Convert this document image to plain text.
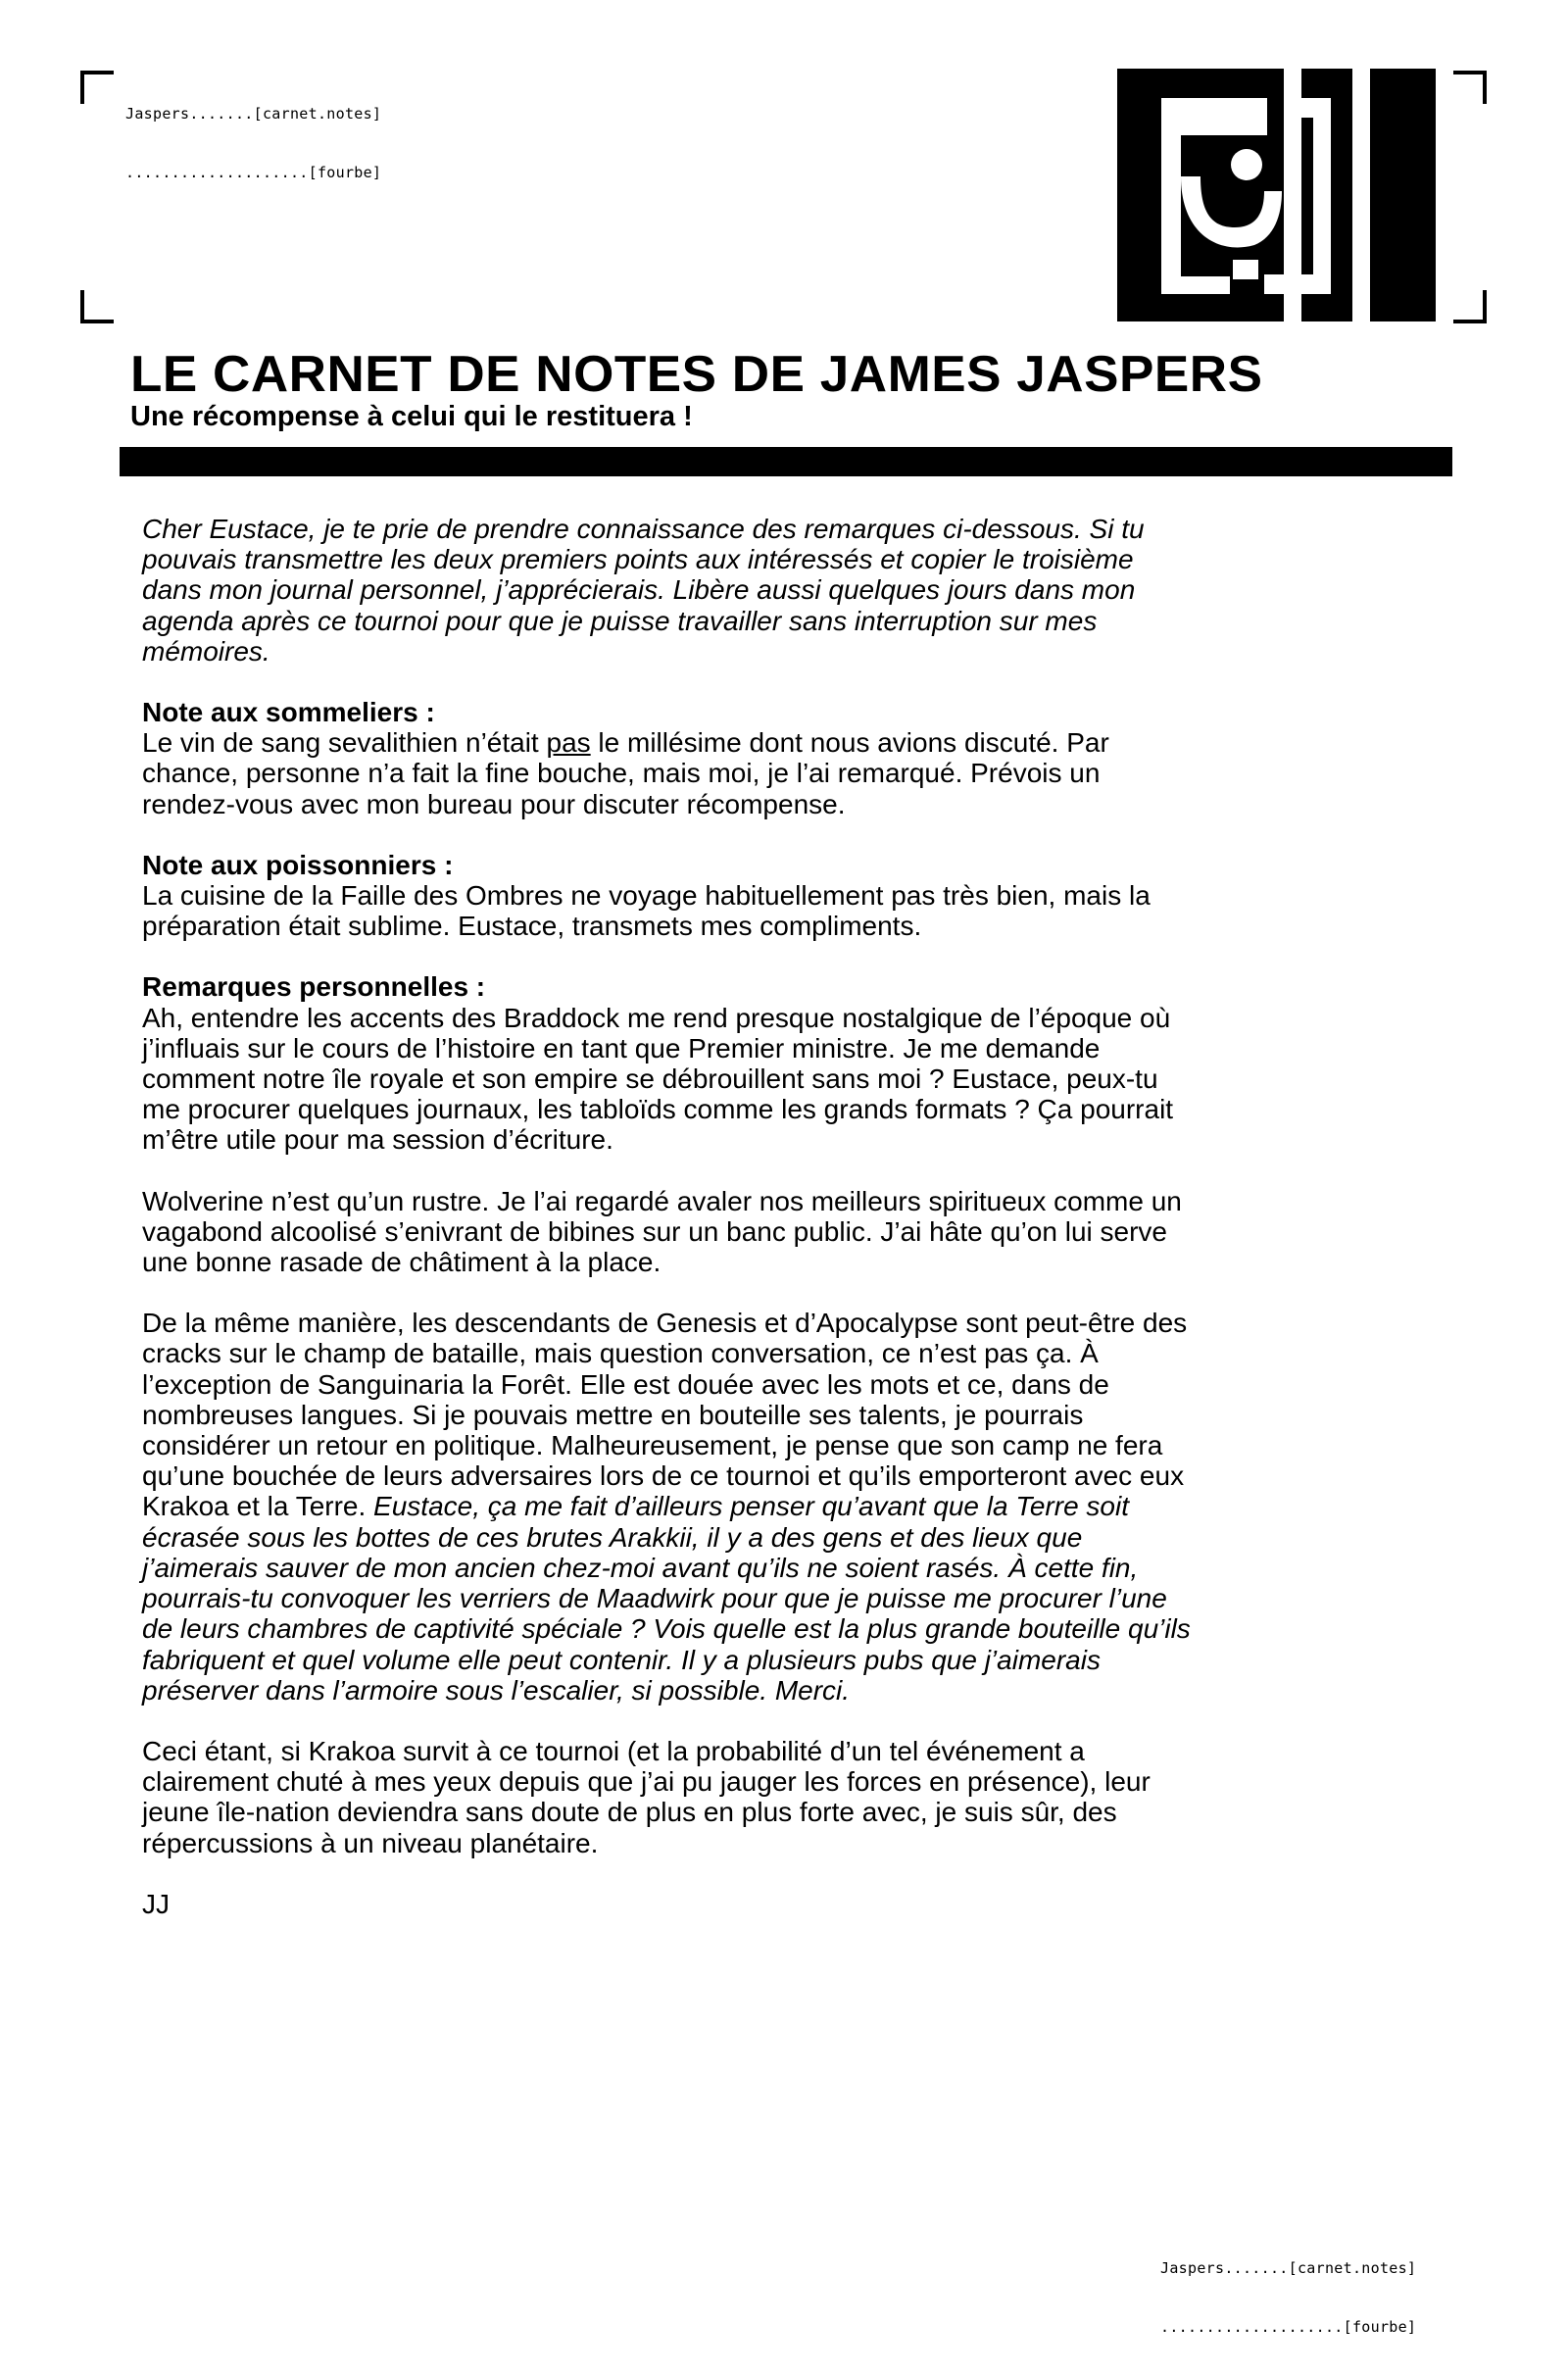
Jaspers.......[carnet.notes]

....................[fourbe]

LE CARNET DE NOTES DE JAMES JASPERS
Une récompense à celui qui le restituera !

Cher Eustace, je te prie de prendre connaissance des remarques ci-dessous. Si tu pouvais transmettre les deux premiers points aux intéressés et copier le troisième dans mon journal personnel, j’apprécierais. Libère aussi quelques jours dans mon agenda après ce tournoi pour que je puisse travailler sans interruption sur mes mémoires.

Note aux sommeliers :
Le vin de sang sevalithien n’était pas le millésime dont nous avions discuté. Par chance, personne n’a fait la fine bouche, mais moi, je l’ai remarqué. Prévois un rendez-vous avec mon bureau pour discuter récompense.

Note aux poissonniers :
La cuisine de la Faille des Ombres ne voyage habituellement pas très bien, mais la préparation était sublime. Eustace, transmets mes compliments.

Remarques personnelles :
Ah, entendre les accents des Braddock me rend presque nostalgique de l’époque où j’influais sur le cours de l’histoire en tant que Premier ministre. Je me demande comment notre île royale et son empire se débrouillent sans moi ? Eustace, peux-tu me procurer quelques journaux, les tabloïds comme les grands formats ? Ça pourrait m’être utile pour ma session d’écriture.

Wolverine n’est qu’un rustre. Je l’ai regardé avaler nos meilleurs spiritueux comme un vagabond alcoolisé s’enivrant de bibines sur un banc public. J’ai hâte qu’on lui serve une bonne rasade de châtiment à la place.

De la même manière, les descendants de Genesis et d’Apocalypse sont peut-être des cracks sur le champ de bataille, mais question conversation, ce n’est pas ça. À l’exception de Sanguinaria la Forêt. Elle est douée avec les mots et ce, dans de nombreuses langues. Si je pouvais mettre en bouteille ses talents, je pourrais considérer un retour en politique. Malheureusement, je pense que son camp ne fera qu’une bouchée de leurs adversaires lors de ce tournoi et qu’ils emporteront avec eux Krakoa et la Terre. Eustace, ça me fait d’ailleurs penser qu’avant que la Terre soit écrasée sous les bottes de ces brutes Arakkii, il y a des gens et des lieux que j’aimerais sauver de mon ancien chez-moi avant qu’ils ne soient rasés. À cette fin, pourrais-tu convoquer les verriers de Maadwirk pour que je puisse me procurer l’une de leurs chambres de captivité spéciale ? Vois quelle est la plus grande bouteille qu’ils fabriquent et quel volume elle peut contenir. Il y a plusieurs pubs que j’aimerais préserver dans l’armoire sous l’escalier, si possible. Merci.

Ceci étant, si Krakoa survit à ce tournoi (et la probabilité d’un tel événement a clairement chuté à mes yeux depuis que j’ai pu jauger les forces en présence), leur jeune île-nation deviendra sans doute de plus en plus forte avec, je suis sûr, des répercussions à un niveau planétaire.

JJ

Jaspers.......[carnet.notes]

....................[fourbe]
